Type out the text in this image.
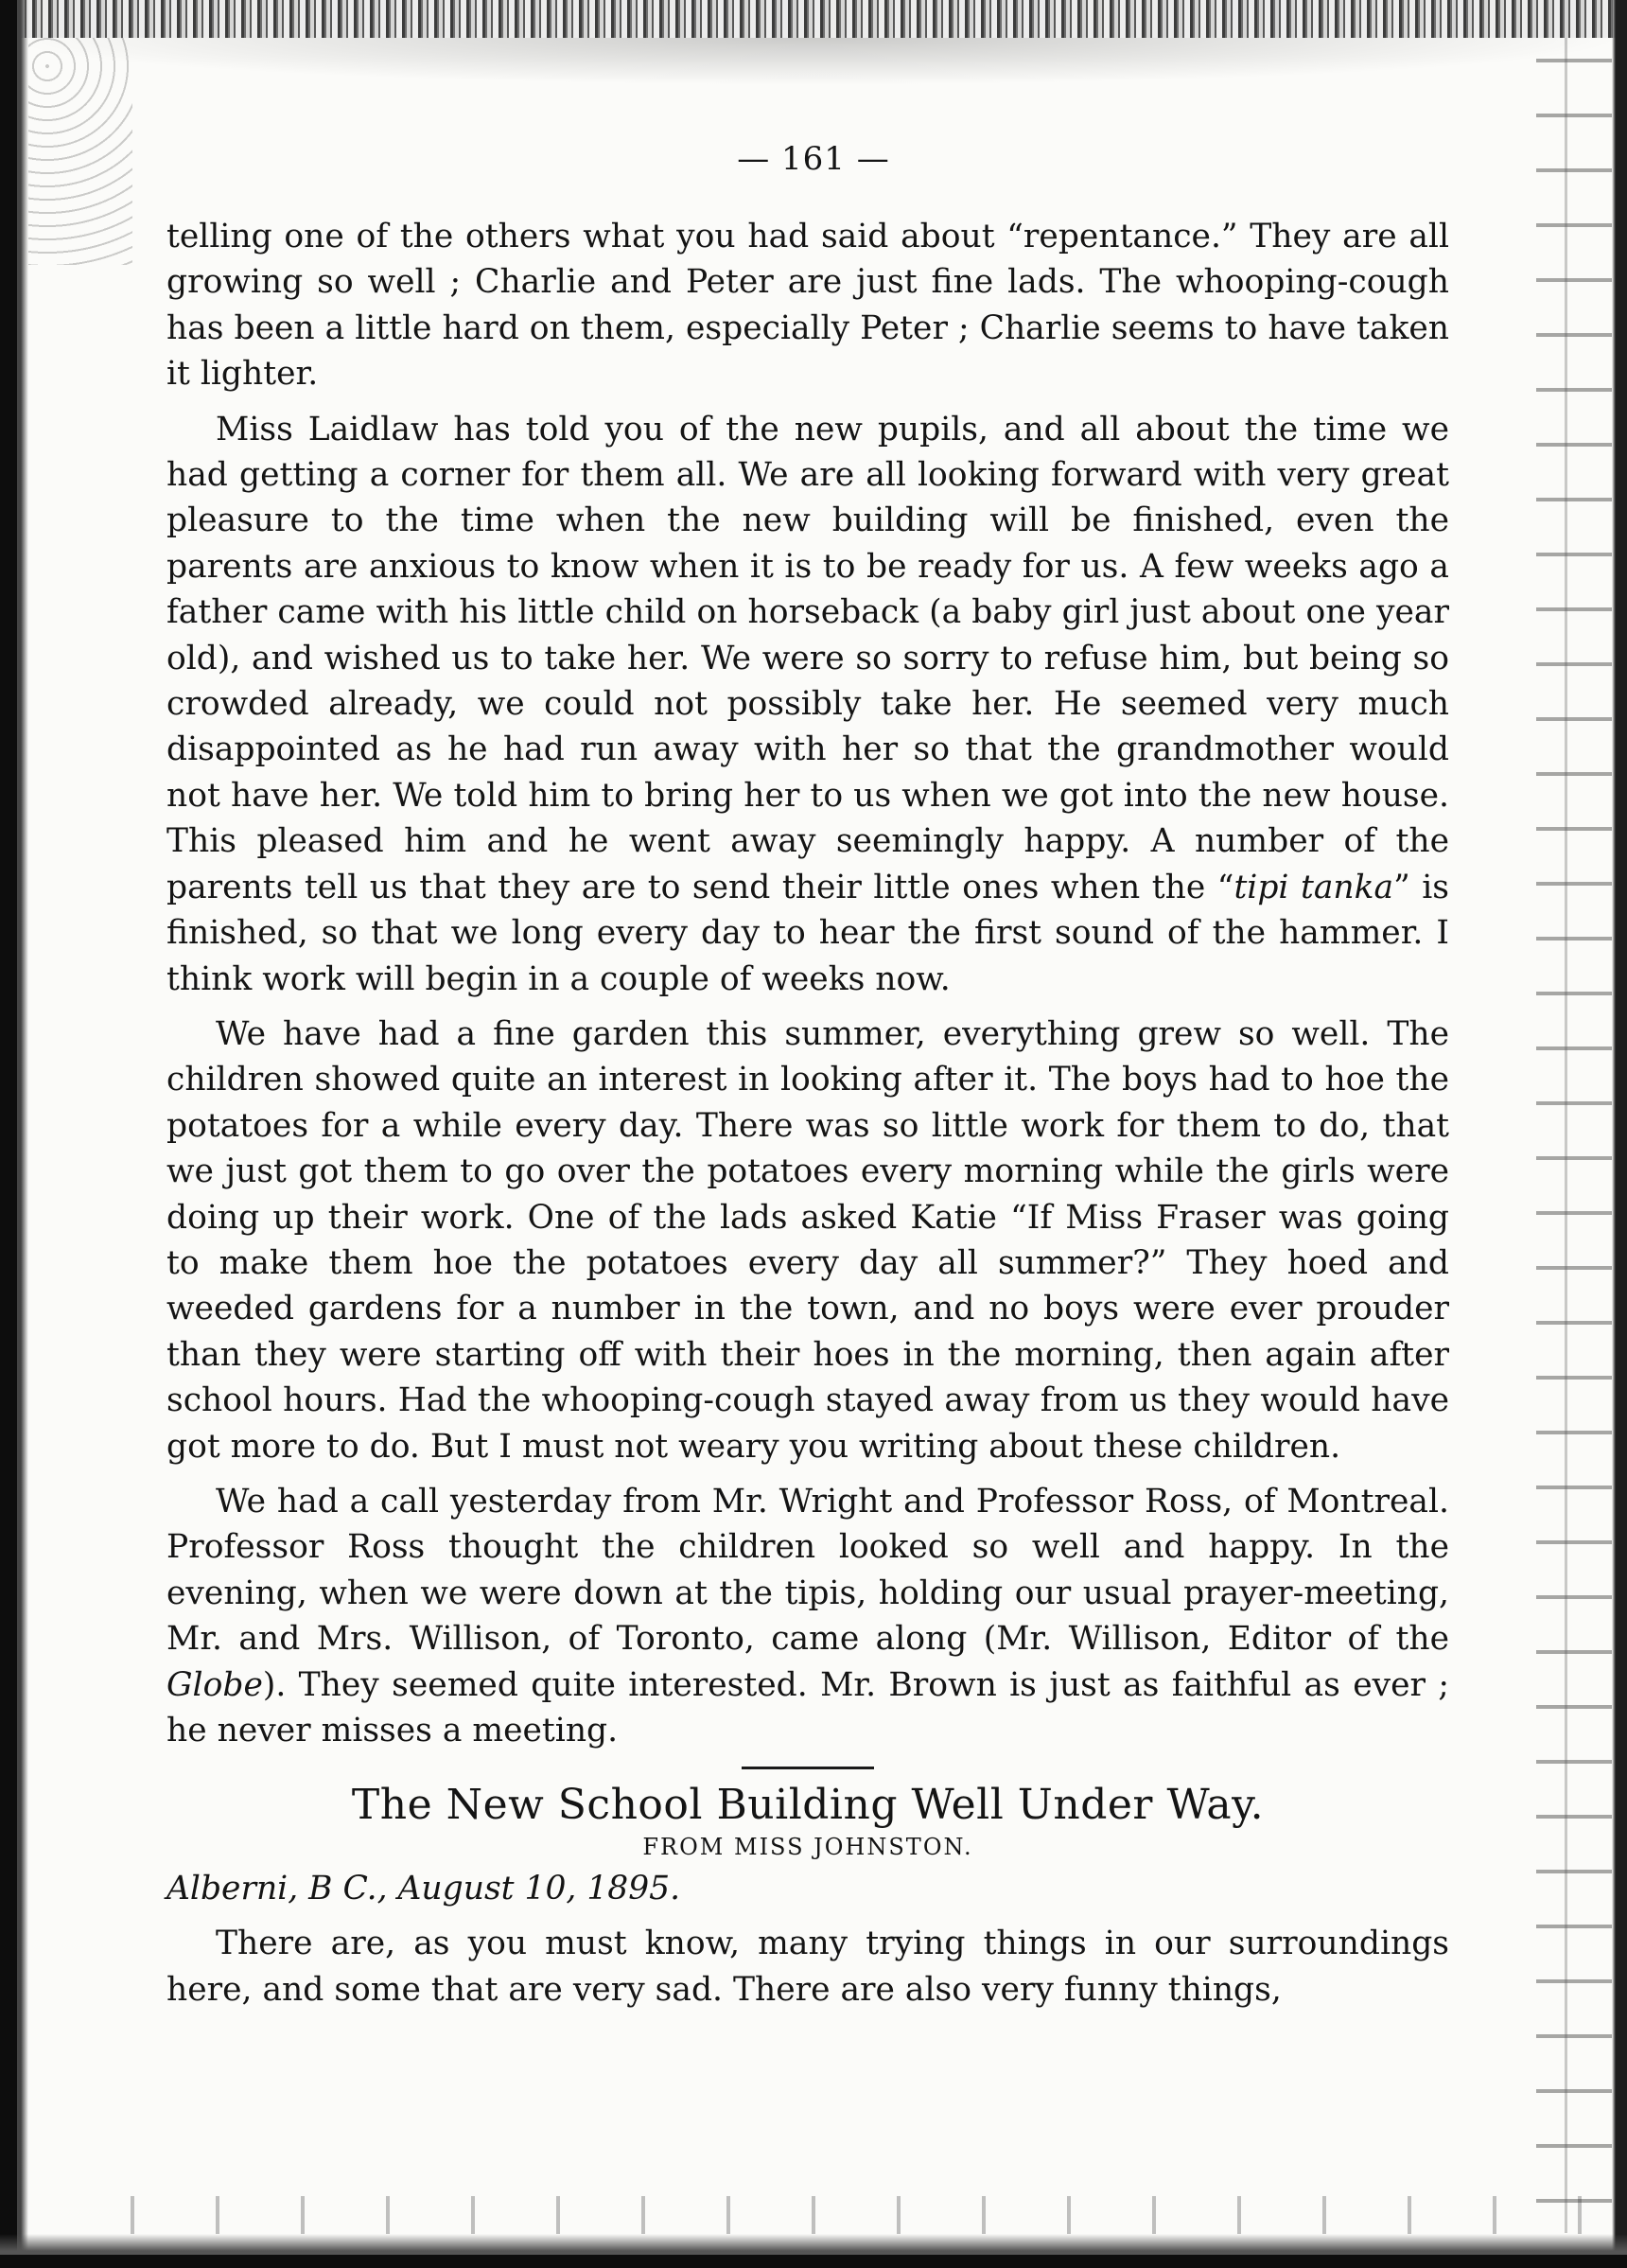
— 161 —

telling one of the others what you had said about “repentance.” They are all growing so well ; Charlie and Peter are just fine lads. The whooping-cough has been a little hard on them, especially Peter ; Charlie seems to have taken it lighter.

Miss Laidlaw has told you of the new pupils, and all about the time we had getting a corner for them all. We are all looking forward with very great pleasure to the time when the new building will be finished, even the parents are anxious to know when it is to be ready for us. A few weeks ago a father came with his little child on horseback (a baby girl just about one year old), and wished us to take her. We were so sorry to refuse him, but being so crowded already, we could not possibly take her. He seemed very much disappointed as he had run away with her so that the grandmother would not have her. We told him to bring her to us when we got into the new house. This pleased him and he went away seemingly happy. A number of the parents tell us that they are to send their little ones when the “tipi tanka” is finished, so that we long every day to hear the first sound of the hammer. I think work will begin in a couple of weeks now.

We have had a fine garden this summer, everything grew so well. The children showed quite an interest in looking after it. The boys had to hoe the potatoes for a while every day. There was so little work for them to do, that we just got them to go over the potatoes every morning while the girls were doing up their work. One of the lads asked Katie “If Miss Fraser was going to make them hoe the potatoes every day all summer?” They hoed and weeded gardens for a number in the town, and no boys were ever prouder than they were starting off with their hoes in the morning, then again after school hours. Had the whooping-cough stayed away from us they would have got more to do. But I must not weary you writing about these children.

We had a call yesterday from Mr. Wright and Professor Ross, of Montreal. Professor Ross thought the children looked so well and happy. In the evening, when we were down at the tipis, holding our usual prayer-meeting, Mr. and Mrs. Willison, of Toronto, came along (Mr. Willison, Editor of the Globe). They seemed quite interested. Mr. Brown is just as faithful as ever ; he never misses a meeting.

The New School Building Well Under Way.
FROM MISS JOHNSTON.

Alberni, B C., August 10, 1895.

There are, as you must know, many trying things in our surroundings here, and some that are very sad. There are also very funny things,
